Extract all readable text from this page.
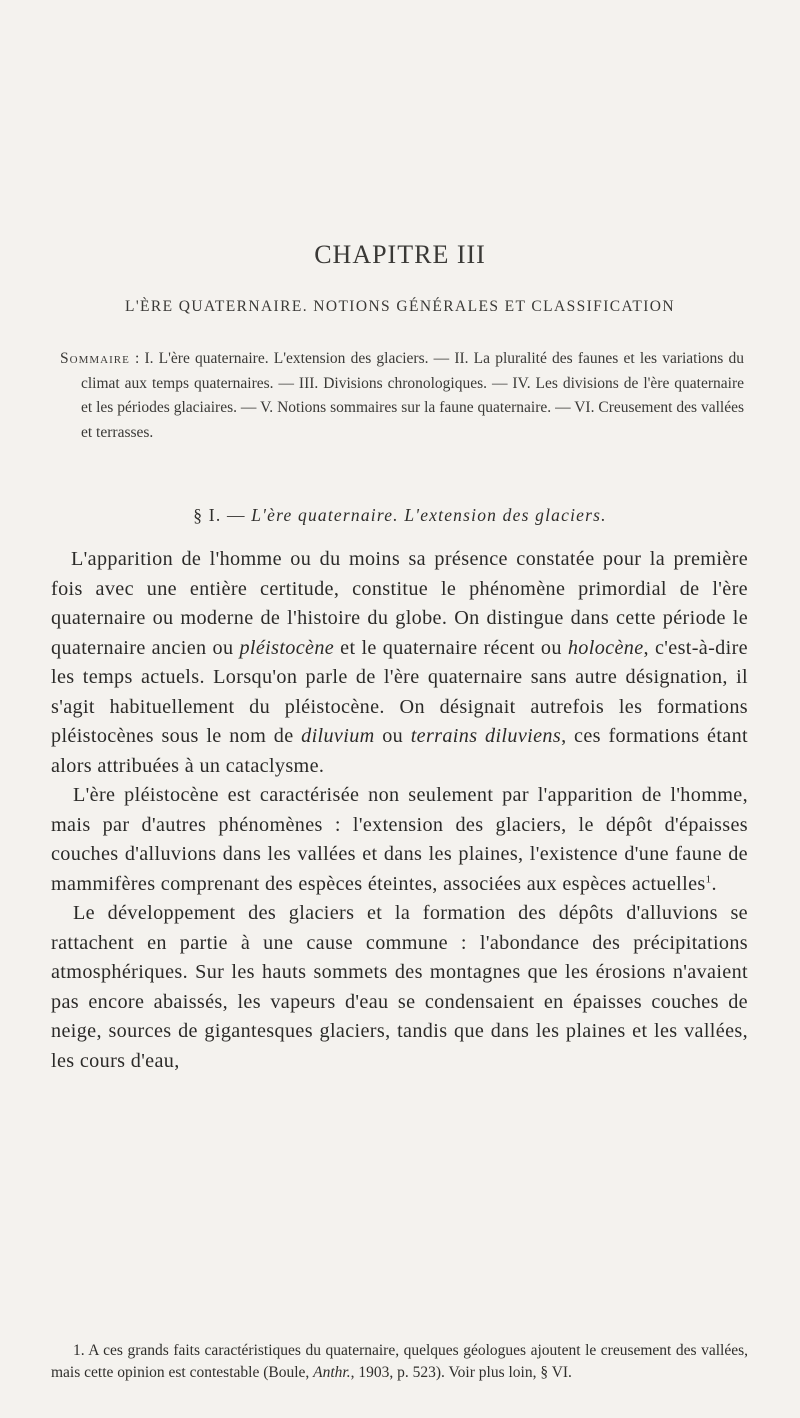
CHAPITRE III
L'ÈRE QUATERNAIRE. NOTIONS GÉNÉRALES ET CLASSIFICATION

Sommaire : I. L'ère quaternaire. L'extension des glaciers. — II. La pluralité des faunes et les variations du climat aux temps quaternaires. — III. Divisions chronologiques. — IV. Les divisions de l'ère quaternaire et les périodes glaciaires. — V. Notions sommaires sur la faune quaternaire. — VI. Creusement des vallées et terrasses.

§ I. — L'ère quaternaire. L'extension des glaciers.

L'apparition de l'homme ou du moins sa présence constatée pour la première fois avec une entière certitude, constitue le phénomène primordial de l'ère quaternaire ou moderne de l'histoire du globe. On distingue dans cette période le quaternaire ancien ou pléistocène et le quaternaire récent ou holocène, c'est-à-dire les temps actuels. Lorsqu'on parle de l'ère quaternaire sans autre désignation, il s'agit habituellement du pléistocène. On désignait autrefois les formations pléistocènes sous le nom de diluvium ou terrains diluviens, ces formations étant alors attribuées à un cataclysme.

L'ère pléistocène est caractérisée non seulement par l'apparition de l'homme, mais par d'autres phénomènes : l'extension des glaciers, le dépôt d'épaisses couches d'alluvions dans les vallées et dans les plaines, l'existence d'une faune de mammifères comprenant des espèces éteintes, associées aux espèces actuelles$^1$.

Le développement des glaciers et la formation des dépôts d'alluvions se rattachent en partie à une cause commune : l'abondance des précipitations atmosphériques. Sur les hauts sommets des montagnes que les érosions n'avaient pas encore abaissés, les vapeurs d'eau se condensaient en épaisses couches de neige, sources de gigantesques glaciers, tandis que dans les plaines et les vallées, les cours d'eau,

1. A ces grands faits caractéristiques du quaternaire, quelques géologues ajoutent le creusement des vallées, mais cette opinion est contestable (Boule, Anthr., 1903, p. 523). Voir plus loin, § VI.
